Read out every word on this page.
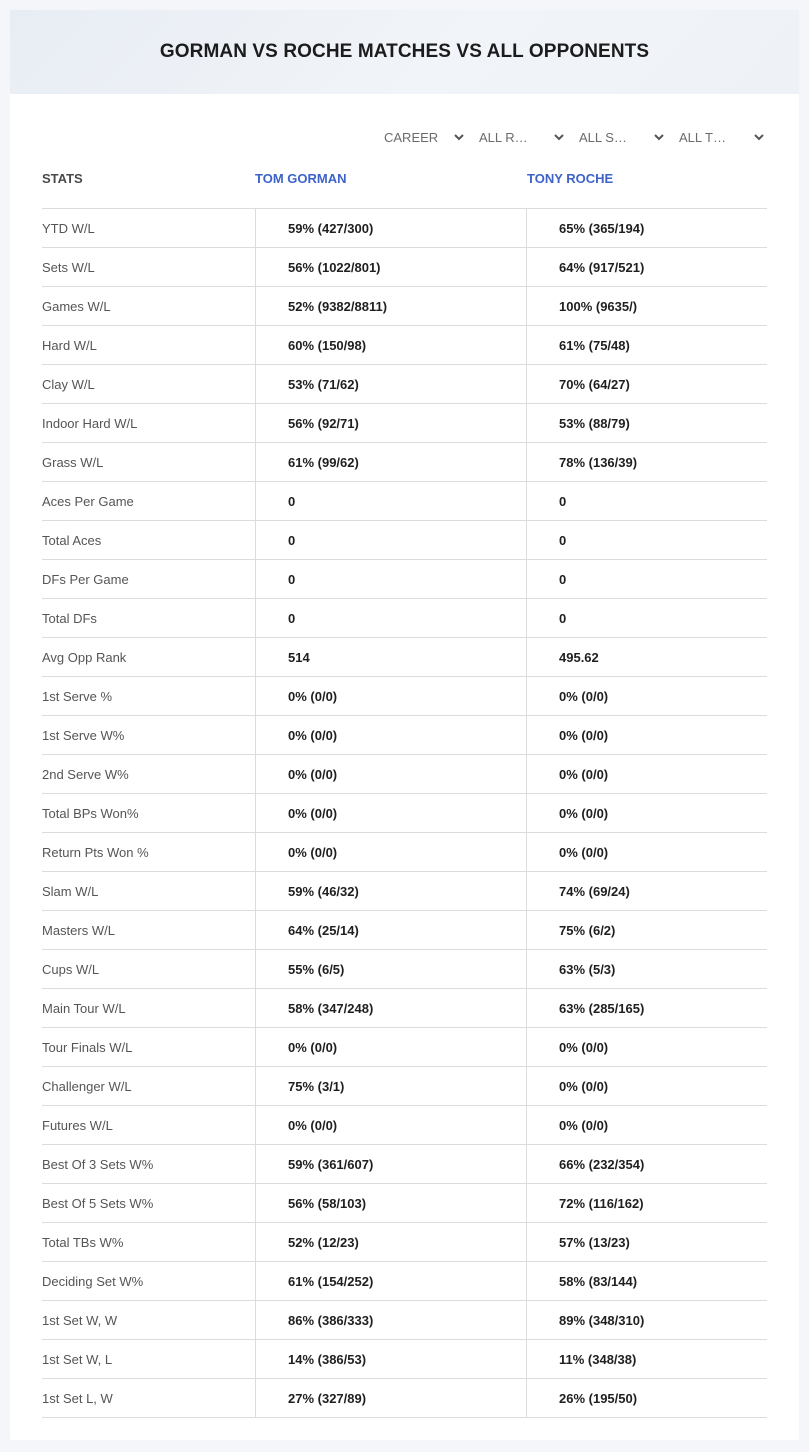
GORMAN VS ROCHE MATCHES VS ALL OPPONENTS
CAREER	ALL R…	ALL S…	ALL T…
STATS	TOM GORMAN	TONY ROCHE
YTD W/L	59% (427/300)	65% (365/194)
Sets W/L	56% (1022/801)	64% (917/521)
Games W/L	52% (9382/8811)	100% (9635/)
Hard W/L	60% (150/98)	61% (75/48)
Clay W/L	53% (71/62)	70% (64/27)
Indoor Hard W/L	56% (92/71)	53% (88/79)
Grass W/L	61% (99/62)	78% (136/39)
Aces Per Game	0	0
Total Aces	0	0
DFs Per Game	0	0
Total DFs	0	0
Avg Opp Rank	514	495.62
1st Serve %	0% (0/0)	0% (0/0)
1st Serve W%	0% (0/0)	0% (0/0)
2nd Serve W%	0% (0/0)	0% (0/0)
Total BPs Won%	0% (0/0)	0% (0/0)
Return Pts Won %	0% (0/0)	0% (0/0)
Slam W/L	59% (46/32)	74% (69/24)
Masters W/L	64% (25/14)	75% (6/2)
Cups W/L	55% (6/5)	63% (5/3)
Main Tour W/L	58% (347/248)	63% (285/165)
Tour Finals W/L	0% (0/0)	0% (0/0)
Challenger W/L	75% (3/1)	0% (0/0)
Futures W/L	0% (0/0)	0% (0/0)
Best Of 3 Sets W%	59% (361/607)	66% (232/354)
Best Of 5 Sets W%	56% (58/103)	72% (116/162)
Total TBs W%	52% (12/23)	57% (13/23)
Deciding Set W%	61% (154/252)	58% (83/144)
1st Set W, W	86% (386/333)	89% (348/310)
1st Set W, L	14% (386/53)	11% (348/38)
1st Set L, W	27% (327/89)	26% (195/50)
